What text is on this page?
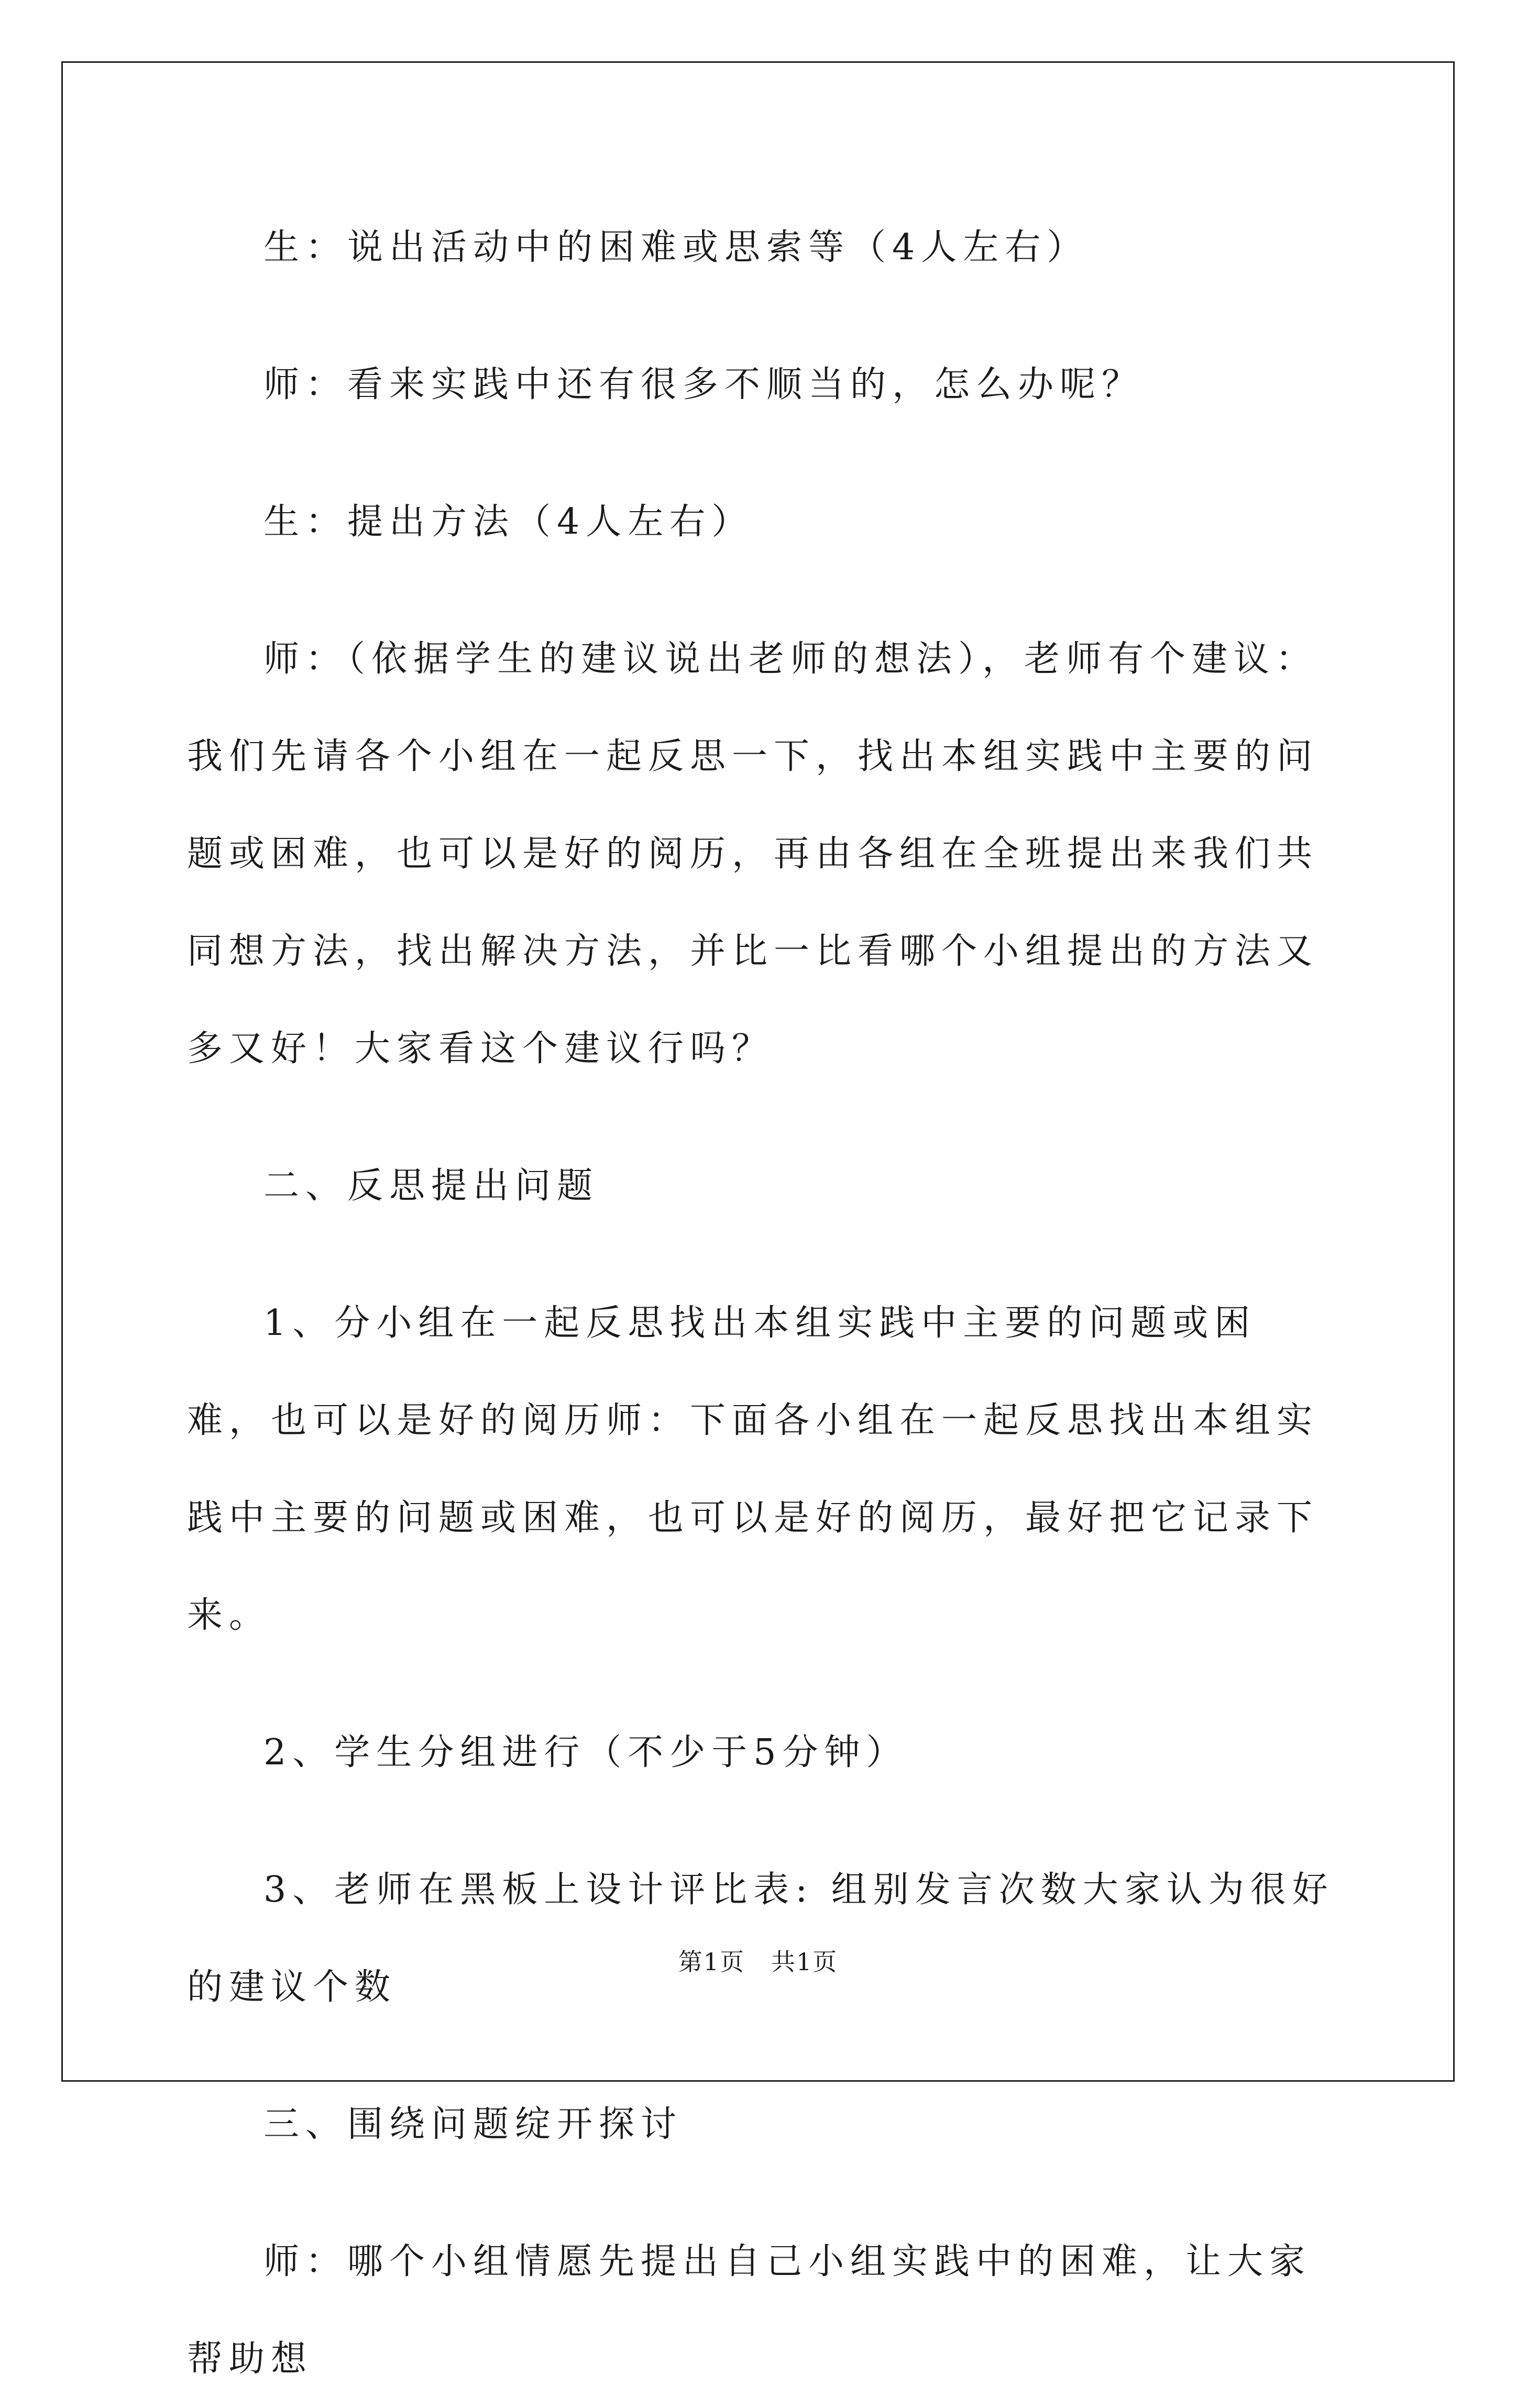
生：说出活动中的困难或思索等（4人左右）

师：看来实践中还有很多不顺当的，怎么办呢？

生：提出方法（4人左右）

师：（依据学生的建议说出老师的想法），老师有个建议：我们先请各个小组在一起反思一下，找出本组实践中主要的问题或困难，也可以是好的阅历，再由各组在全班提出来我们共同想方法，找出解决方法，并比一比看哪个小组提出的方法又多又好！大家看这个建议行吗？

二、反思提出问题

1、分小组在一起反思找出本组实践中主要的问题或困难，也可以是好的阅历师：下面各小组在一起反思找出本组实践中主要的问题或困难，也可以是好的阅历，最好把它记录下来。

2、学生分组进行（不少于5分钟）

3、老师在黑板上设计评比表: 组别发言次数大家认为很好的建议个数

三、围绕问题绽开探讨

师：哪个小组情愿先提出自己小组实践中的困难，让大家帮助想

第1页 共1页
